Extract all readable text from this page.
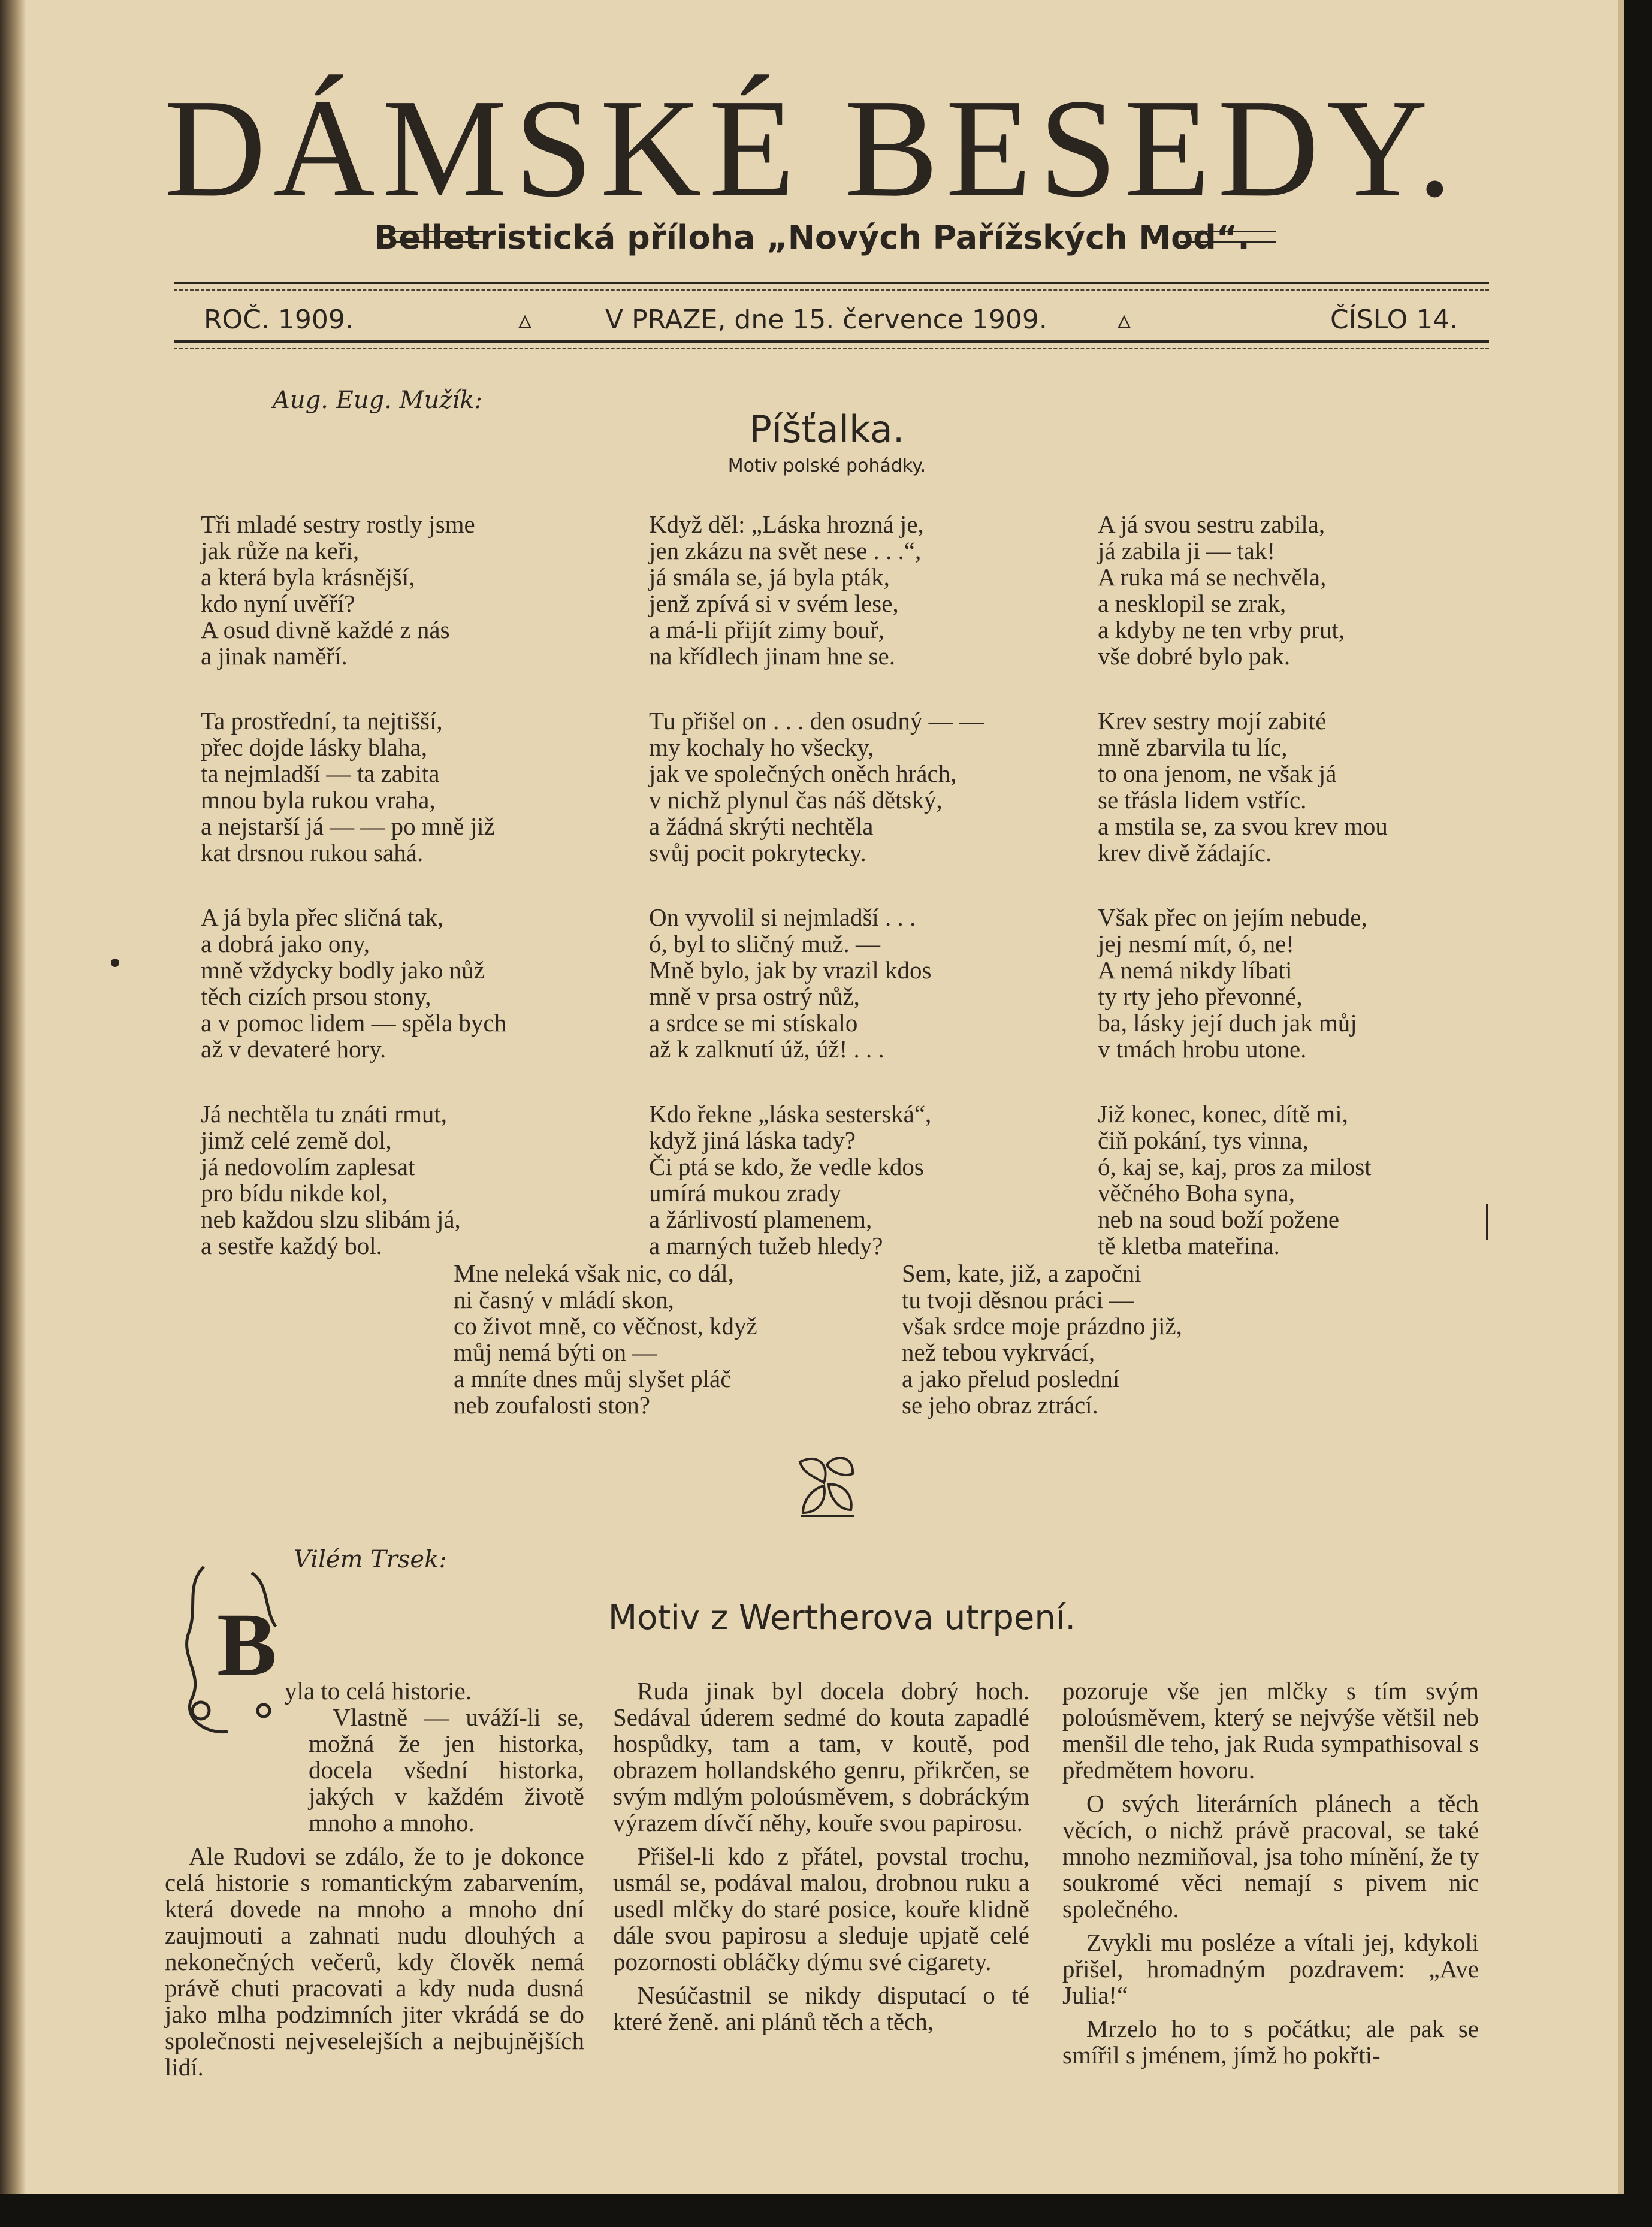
DÁMSKÉ BESEDY.
Belletristická příloha „Nových Pařížských Mod“.
ROČ. 1909.	▵	V PRAZE, dne 15. července 1909.	▵	ČÍSLO 14.
Aug. Eug. Mužík:
Píšťalka.
Motiv polské pohádky.
Tři mladé sestry rostly jsme
jak růže na keři,
a která byla krásnější,
kdo nyní uvěří?
A osud divně každé z nás
a jinak naměří.
Ta prostřední, ta nejtišší,
přec dojde lásky blaha,
ta nejmladší — ta zabita
mnou byla rukou vraha,
a nejstarší já — — po mně již
kat drsnou rukou sahá.
A já byla přec sličná tak,
a dobrá jako ony,
mně vždycky bodly jako nůž
těch cizích prsou stony,
a v pomoc lidem — spěla bych
až v devateré hory.
Já nechtěla tu znáti rmut,
jimž celé země dol,
já nedovolím zaplesat
pro bídu nikde kol,
neb každou slzu slibám já,
a sestře každý bol.
Když děl: „Láska hrozná je,
jen zkázu na svět nese . . .“,
já smála se, já byla pták,
jenž zpívá si v svém lese,
a má-li přijít zimy bouř,
na křídlech jinam hne se.
Tu přišel on . . . den osudný — —
my kochaly ho všecky,
jak ve společných oněch hrách,
v nichž plynul čas náš dětský,
a žádná skrýti nechtěla
svůj pocit pokrytecky.
On vyvolil si nejmladší . . .
ó, byl to sličný muž. —
Mně bylo, jak by vrazil kdos
mně v prsa ostrý nůž,
a srdce se mi stískalo
až k zalknutí úž, úž! . . .
Kdo řekne „láska sesterská“,
když jiná láska tady?
Či ptá se kdo, že vedle kdos
umírá mukou zrady
a žárlivostí plamenem,
a marných tužeb hledy?
A já svou sestru zabila,
já zabila ji — tak!
A ruka má se nechvěla,
a nesklopil se zrak,
a kdyby ne ten vrby prut,
vše dobré bylo pak.
Krev sestry mojí zabité
mně zbarvila tu líc,
to ona jenom, ne však já
se třásla lidem vstříc.
a mstila se, za svou krev mou
krev divě žádajíc.
Však přec on jejím nebude,
jej nesmí mít, ó, ne!
A nemá nikdy líbati
ty rty jeho převonné,
ba, lásky její duch jak můj
v tmách hrobu utone.
Již konec, konec, dítě mi,
čiň pokání, tys vinna,
ó, kaj se, kaj, pros za milost
věčného Boha syna,
neb na soud boží požene
tě kletba mateřina.
Mne neleká však nic, co dál,
ni časný v mládí skon,
co život mně, co věčnost, když
můj nemá býti on —
a mníte dnes můj slyšet pláč
neb zoufalosti ston?
Sem, kate, již, a započni
tu tvoji děsnou práci —
však srdce moje prázdno již,
než tebou vykrvácí,
a jako přelud poslední
se jeho obraz ztrácí.
Vilém Trsek:
Motiv z Wertherova utrpení.
B yla to celá historie.

Vlastně — uváží-li se, možná že jen historka, docela všední historka, jakých v každém životě mnoho a mnoho.

Ale Rudovi se zdálo, že to je dokonce celá historie s romantickým zabarvením, která dovede na mnoho a mnoho dní zaujmouti a zahnati nudu dlouhých a nekonečných večerů, kdy člověk nemá právě chuti pracovati a kdy nuda dusná jako mlha podzimních jiter vkrádá se do společnosti nejveselejších a nejbujnějších lidí.

Ruda jinak byl docela dobrý hoch. Sedával úderem sedmé do kouta zapadlé hospůdky, tam a tam, v koutě, pod obrazem hollandského genru, přikrčen, se svým mdlým poloúsměvem, s dobráckým výrazem dívčí něhy, kouře svou papirosu.

Přišel-li kdo z přátel, povstal trochu, usmál se, podával malou, drobnou ruku a usedl mlčky do staré posice, kouře klidně dále svou papirosu a sleduje upjatě celé pozornosti obláčky dýmu své cigarety.

Nesúčastnil se nikdy disputací o té které ženě. ani plánů těch a těch,

pozoruje vše jen mlčky s tím svým poloúsměvem, který se nejvýše většil neb menšil dle teho, jak Ruda sympathisoval s předmětem hovoru.

O svých literárních plánech a těch věcích, o nichž právě pracoval, se také mnoho nezmiňoval, jsa toho mínění, že ty soukromé věci nemají s pivem nic společného.

Zvykli mu posléze a vítali jej, kdykoli přišel, hromadným pozdravem: „Ave Julia!“

Mrzelo ho to s počátku; ale pak se smířil s jménem, jímž ho pokřti-
